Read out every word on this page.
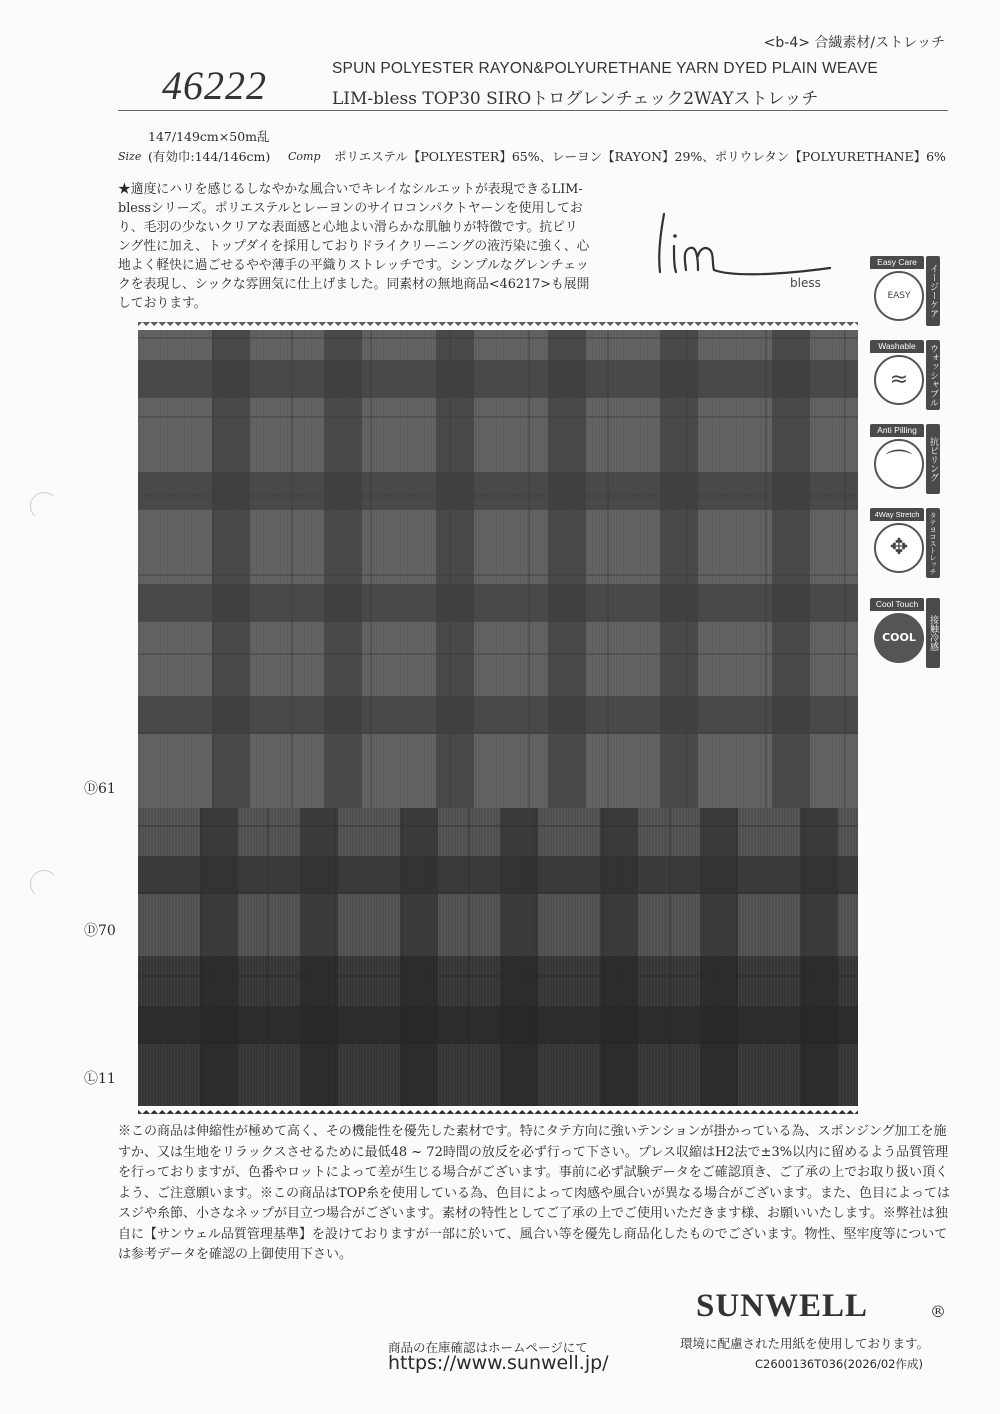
<b-4> 合繊素材/ストレッチ
46222	SPUN POLYESTER RAYON&POLYURETHANE YARN DYED PLAIN WEAVE
LIM-bless TOP30 SIROトログレンチェック2WAYストレッチ
147/149cm×50m乱
Size (有効巾:144/146cm) Comp ポリエステル【POLYESTER】65%、レーヨン【RAYON】29%、ポリウレタン【POLYURETHANE】6%
★適度にハリを感じるしなやかな風合いでキレイなシルエットが表現できるLIM-blessシリーズ。ポリエステルとレーヨンのサイロコンパクトヤーンを使用しており、毛羽の少ないクリアな表面感と心地よい滑らかな肌触りが特徴です。抗ピリング性に加え、トップダイを採用しておりドライクリーニングの液汚染に強く、心地よく軽快に過ごせるやや薄手の平織りストレッチです。シンプルなグレンチェックを表現し、シックな雰囲気に仕上げました。同素材の無地商品<46217>も展開しております。
bless
Easy Care
EASY	イージーケア
Washable
≈	ウォッシャブル
Anti Pilling
⌒	抗ピリング
4Way Stretch
✥	タテヨコストレッチ
Cool Touch
COOL	接触冷感
Ⓓ61
Ⓓ70
Ⓛ11
※この商品は伸縮性が極めて高く、その機能性を優先した素材です。特にタテ方向に強いテンションが掛かっている為、スポンジング加工を施すか、又は生地をリラックスさせるために最低48 ~ 72時間の放反を必ず行って下さい。プレス収縮はH2法で±3%以内に留めるよう品質管理を行っておりますが、色番やロットによって差が生じる場合がございます。事前に必ず試験データをご確認頂き、ご了承の上でお取り扱い頂くよう、ご注意願います。※この商品はTOP糸を使用している為、色目によって肉感や風合いが異なる場合がございます。また、色目によってはスジや糸節、小さなネップが目立つ場合がございます。素材の特性としてご了承の上でご使用いただきます様、お願いいたします。※弊社は独自に【サンウェル品質管理基準】を設けておりますが一部に於いて、風合い等を優先し商品化したものでございます。物性、堅牢度等については参考データを確認の上御使用下さい。
SUNWELL	®
商品の在庫確認はホームページにて	環境に配慮された用紙を使用しております。
https://www.sunwell.jp/	C2600136T036(2026/02作成)
